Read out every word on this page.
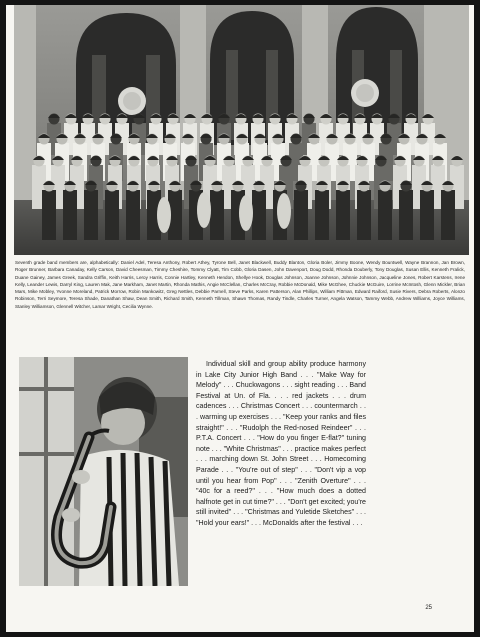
Seventh grade band members are, alphabetically: Daniel Adel, Teresa Anthony, Robert Athey, Tyrone Bell, Janet Blackwell, Buddy Blanton, Gloria Boler, Jimmy Boone, Wendy Bountwell, Wayne Brannon, Jan Brown, Roger Brunner, Barbara Canaday, Kelly Carson, David Cheesman, Timmy Cheshire, Tommy Clyatt, Tim Cobb, Gloria Dasen, John Davenport, Doug Dodd, Rhonda Douberly, Tony Douglas, Susan Ellis, Kenneth Fralick, Duane Gainey, James Greek, Sandra Griffin, Keith Harris, Leroy Harris, Connie Hartley, Kenneth Hendon, Shellye Hook, Douglas Johnson, Joanne Johnson, Johnnie Johnson, Jacqueline Jones, Robert Karstens, Irene Kelly, Leander Lewis, Darryl King, Lauren Mak, Jane Markham, Janet Martin, Rhonda Mathis, Angie McClellan, Charles McCray, Robbie McDonald, Mike McGhee, Chuckie McGuire, Lorrine McIntosh, Glenn Mickler, Brian Mars, Mike Mobley, Yvonne Moreland, Patrick Morrow, Robin Mankowitz, Greg Nettles, Debbie Parnell, Steve Parks, Karen Patterson, Alan Phillips, William Pittman, Edward Raiford, Susie Rivers, Debra Roberts, Alonzo Robinson, Terri Seymore, Teresa Shade, Danathan Shaw, Dean Smith, Richard Smith, Kenneth Tillman, Shawn Thomas, Randy Tindle, Charles Turner, Angela Watson, Tammy Webb, Andrew Williams, Joyce Williams, Stanley Williamson, Glennell Witcher, Lamar Wright, Cecilia Wynne.

Individual skill and group ability produce harmony in Lake City Junior High Band . . . "Make Way for Melody" . . . Chuckwagons . . . sight reading . . . Band Festival at Un. of Fla. . . . red jackets . . . drum cadences . . . Christmas Concert . . . countermarch . . . warming up exercises . . . "Keep your ranks and files straight!" . . . "Rudolph the Red-nosed Reindeer" . . . P.T.A. Concert . . . "How do you finger E-flat?" tuning note . . . "White Christmas" . . . practice makes perfect . . . marching down St. John Street . . . Homecoming Parade . . . "You're out of step" . . . "Don't vip a vop until you hear from Pop" . . . "Zenith Overture" . . . "40c for a reed?" . . . "How much does a dotted halfnote get in cut time?" . . . "Don't get excited; you're still invited" . . . "Christmas and Yuletide Sketches" . . . "Hold your ears!" . . . McDonalds after the festival . . .

25
